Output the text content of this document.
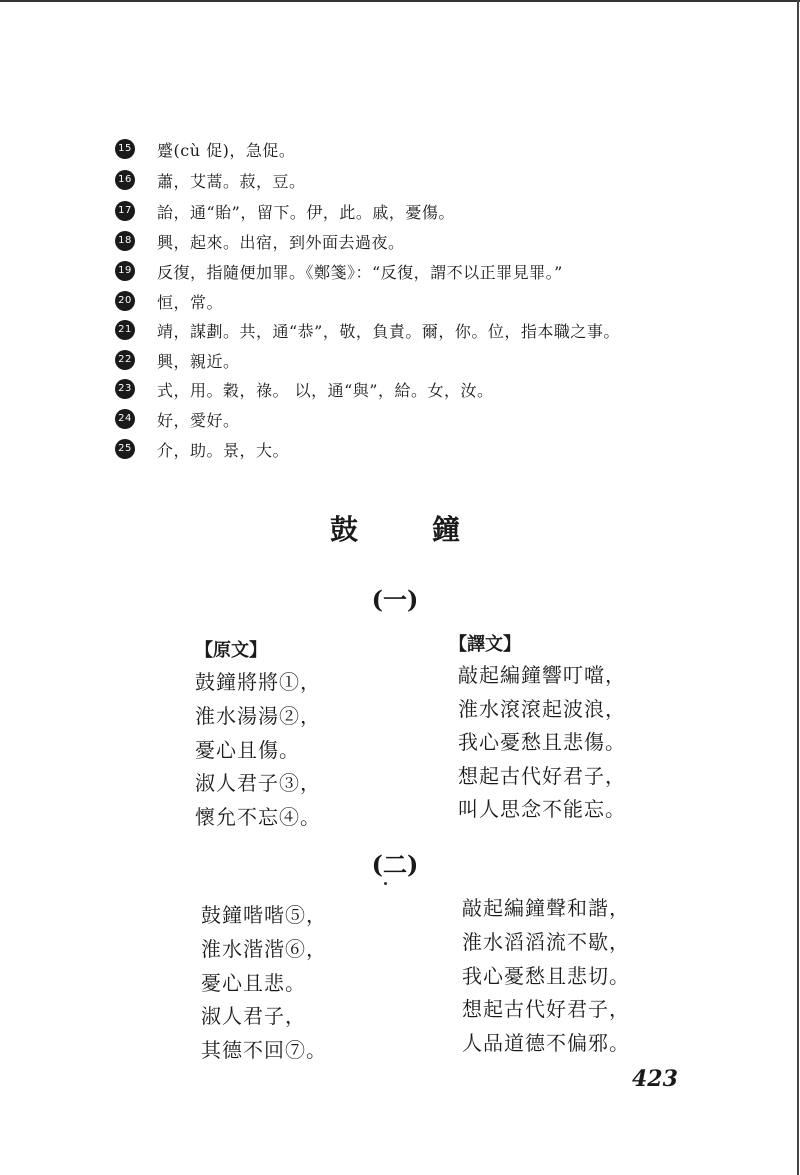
15 蹙(cù 促)，急促。
16 蕭，艾蒿。菽，豆。
17 詒，通“貽”，留下。伊，此。戚，憂傷。
18 興，起來。出宿，到外面去過夜。
19 反復，指隨便加罪。《鄭箋》：“反復，謂不以正罪見罪。”
20 恒，常。
21 靖，謀劃。共，通“恭”，敬，負責。爾，你。位，指本職之事。
22 興，親近。
23 式，用。穀，祿。 以，通“與”，給。女，汝。
24 好，愛好。
25 介，助。景，大。
鼓	鐘
(一)
【原文】	【譯文】
鼓鐘將將①，
淮水湯湯②，
憂心且傷。
淑人君子③，
懷允不忘④。
敲起編鐘響叮噹，
淮水滾滾起波浪，
我心憂愁且悲傷。
想起古代好君子，
叫人思念不能忘。
(二)
鼓鐘喈喈⑤，
淮水湝湝⑥，
憂心且悲。
淑人君子，
其德不回⑦。
敲起編鐘聲和諧，
淮水滔滔流不歇，
我心憂愁且悲切。
想起古代好君子，
人品道德不偏邪。
423
